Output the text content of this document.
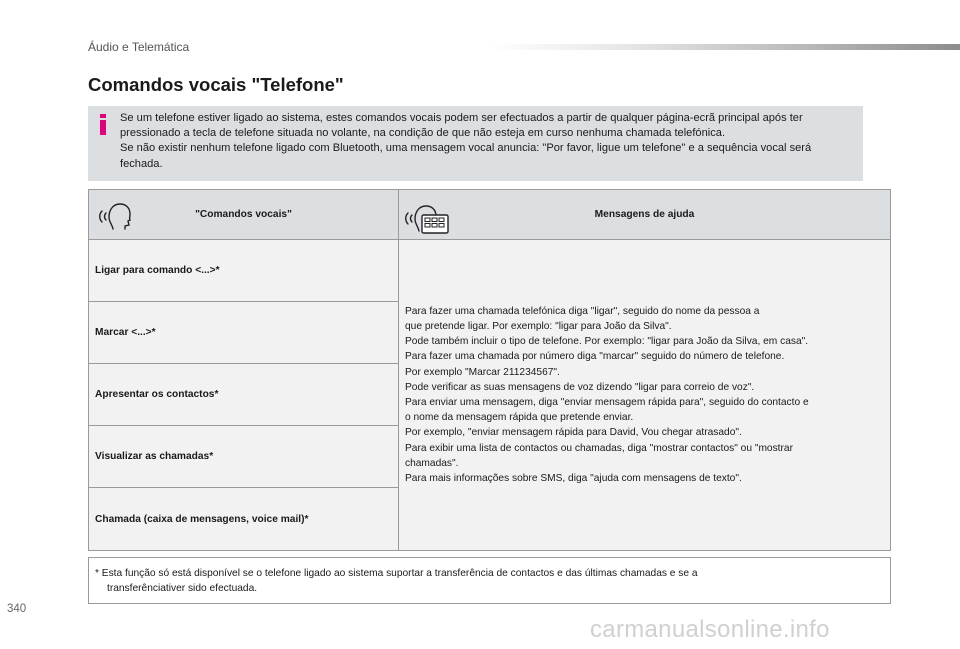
Áudio e Telemática
Comandos vocais "Telefone"
Se um telefone estiver ligado ao sistema, estes comandos vocais podem ser efectuados a partir de qualquer página-ecrã principal após ter
pressionado a tecla de telefone situada no volante, na condição de que não esteja em curso nenhuma chamada telefónica.
Se não existir nenhum telefone ligado com Bluetooth, uma mensagem vocal anuncia: "Por favor, ligue um telefone" e a sequência vocal será
fechada.
"Comandos vocais"	Mensagens de ajuda
Ligar para comando <...>*
Marcar <...>*
Apresentar os contactos*
Visualizar as chamadas*
Chamada (caixa de mensagens, voice mail)*
Para fazer uma chamada telefónica diga "ligar", seguido do nome da pessoa a
que pretende ligar. Por exemplo: "ligar para João da Silva".
Pode também incluir o tipo de telefone. Por exemplo: "ligar para João da Silva, em casa".
Para fazer uma chamada por número diga "marcar" seguido do número de telefone.
Por exemplo "Marcar 211234567".
Pode verificar as suas mensagens de voz dizendo "ligar para correio de voz".
Para enviar uma mensagem, diga "enviar mensagem rápida para", seguido do contacto e
o nome da mensagem rápida que pretende enviar.
Por exemplo, "enviar mensagem rápida para David, Vou chegar atrasado".
Para exibir uma lista de contactos ou chamadas, diga "mostrar contactos" ou "mostrar
chamadas".
Para mais informações sobre SMS, diga "ajuda com mensagens de texto".
* Esta função só está disponível se o telefone ligado ao sistema suportar a transferência de contactos e das últimas chamadas e se a
transferênciativer sido efectuada.
340
carmanualsonline.info
